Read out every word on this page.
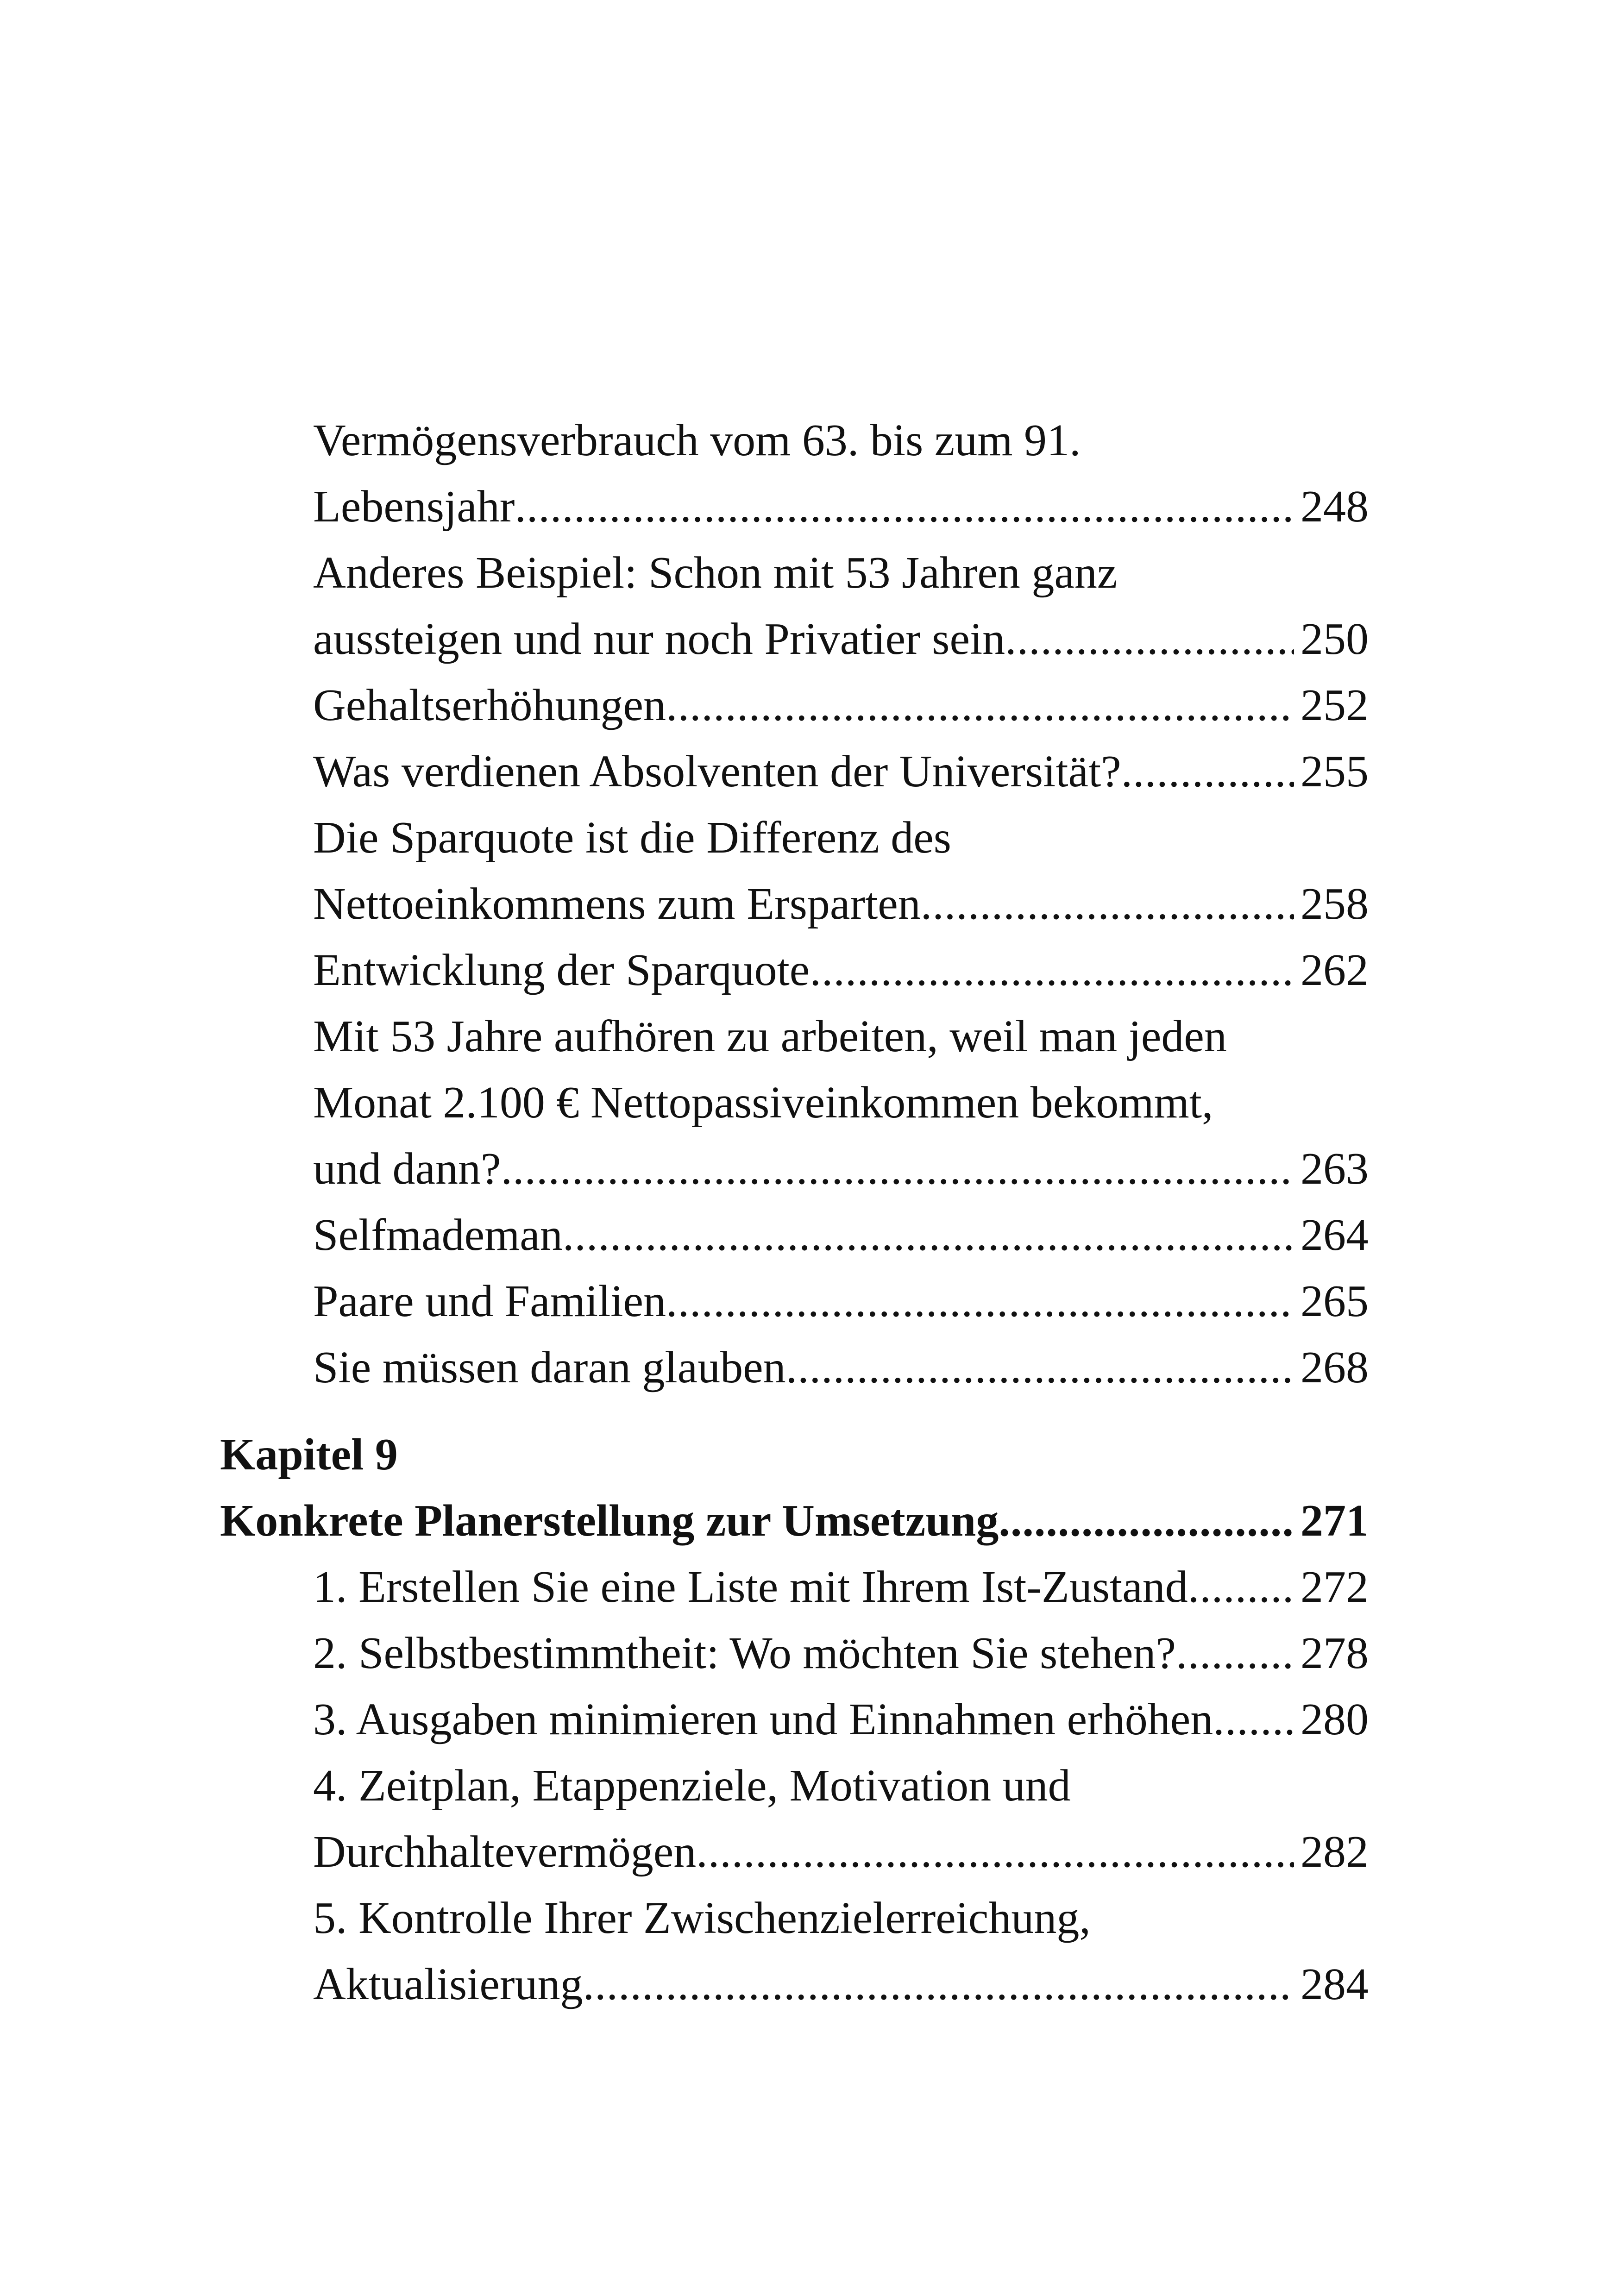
Vermögensverbrauch vom 63. bis zum 91.
Lebensjahr .....	248
Anderes Beispiel: Schon mit 53 Jahren ganz
aussteigen und nur noch Privatier sein .....	250
Gehaltserhöhungen .....	252
Was verdienen Absolventen der Universität? .....	255
Die Sparquote ist die Differenz des
Nettoeinkommens zum Ersparten .....	258
Entwicklung der Sparquote .....	262
Mit 53 Jahre aufhören zu arbeiten, weil man jeden
Monat 2.100 € Nettopassiveinkommen bekommt,
und dann? .....	263
Selfmademan .....	264
Paare und Familien .....	265
Sie müssen daran glauben .....	268
Kapitel 9
Konkrete Planerstellung zur Umsetzung .....	271
1. Erstellen Sie eine Liste mit Ihrem Ist-Zustand ..... 272
2. Selbstbestimmtheit: Wo möchten Sie stehen? .....	278
3. Ausgaben minimieren und Einnahmen erhöhen ..... 280
4. Zeitplan, Etappenziele, Motivation und
Durchhaltevermögen .....	282
5. Kontrolle Ihrer Zwischenzielerreichung,
Aktualisierung .....	284
